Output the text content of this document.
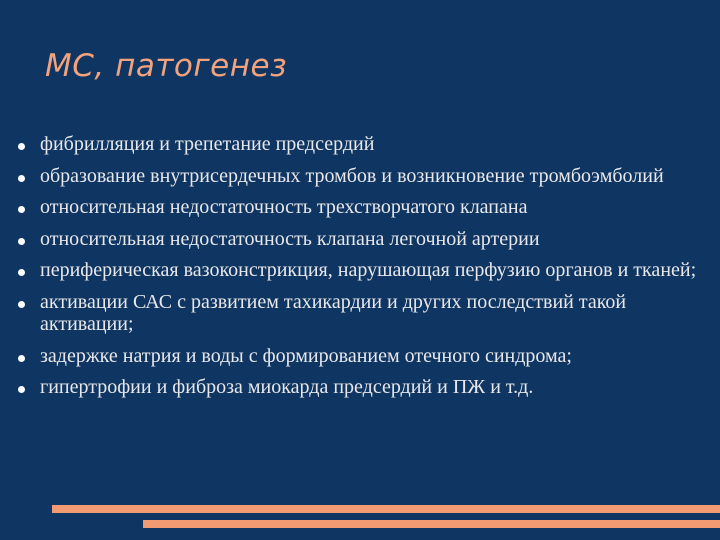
МС, патогенез
фибрилляция и трепетание предсердий
образование внутрисердечных тромбов и возникновение тромбоэмболий
относительная недостаточность трехстворчатого клапана
относительная недостаточность клапана легочной артерии
периферическая вазоконстрикция, нарушающая перфузию органов и тканей;
активации САС с развитием тахикардии и других последствий такой активации;
задержке натрия и воды с формированием отечного синдрома;
гипертрофии и фиброза миокарда предсердий и ПЖ и т.д.
